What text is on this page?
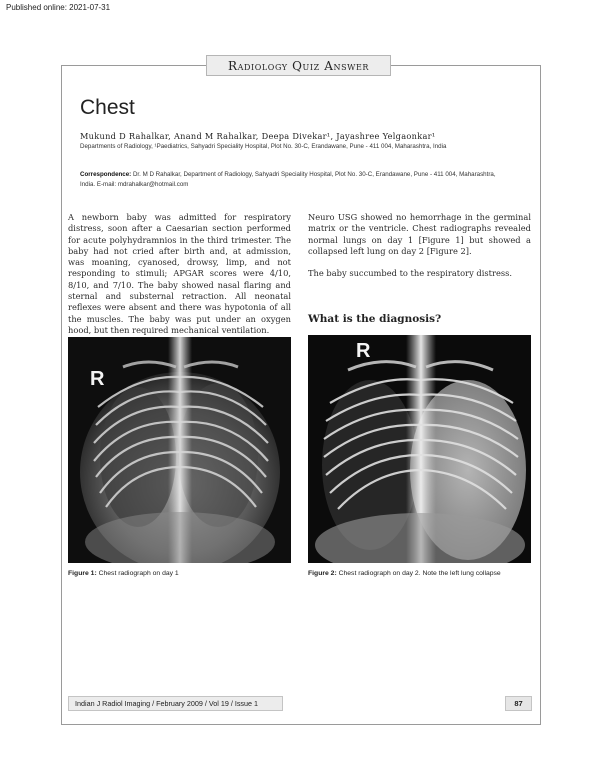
Published online: 2021-07-31
Radiology Quiz Answer
Chest
Mukund D Rahalkar, Anand M Rahalkar, Deepa Divekar¹, Jayashree Yelgaonkar¹
Departments of Radiology, ¹Paediatrics, Sahyadri Speciality Hospital, Plot No. 30-C, Erandawane, Pune - 411 004, Maharashtra, India
Correspondence: Dr. M D Rahalkar, Department of Radiology, Sahyadri Speciality Hospital, Plot No. 30-C, Erandawane, Pune - 411 004, Maharashtra, India. E-mail: mdrahalkar@hotmail.com

A newborn baby was admitted for respiratory distress, soon after a Caesarian section performed for acute polyhydramnios in the third trimester. The baby had not cried after birth and, at admission, was moaning, cyanosed, drowsy, limp, and not responding to stimuli; APGAR scores were 4/10, 8/10, and 7/10. The baby showed nasal flaring and sternal and substernal retraction. All neonatal reflexes were absent and there was hypotonia of all the muscles. The baby was put under an oxygen hood, but then required mechanical ventilation.

Neuro USG showed no hemorrhage in the germinal matrix or the ventricle. Chest radiographs revealed normal lungs on day 1 [Figure 1] but showed a collapsed left lung on day 2 [Figure 2].

The baby succumbed to the respiratory distress.

What is the diagnosis?
R
R
Figure 1: Chest radiograph on day 1	Figure 2: Chest radiograph on day 2. Note the left lung collapse
Indian J Radiol Imaging / February 2009 / Vol 19 / Issue 1	87
